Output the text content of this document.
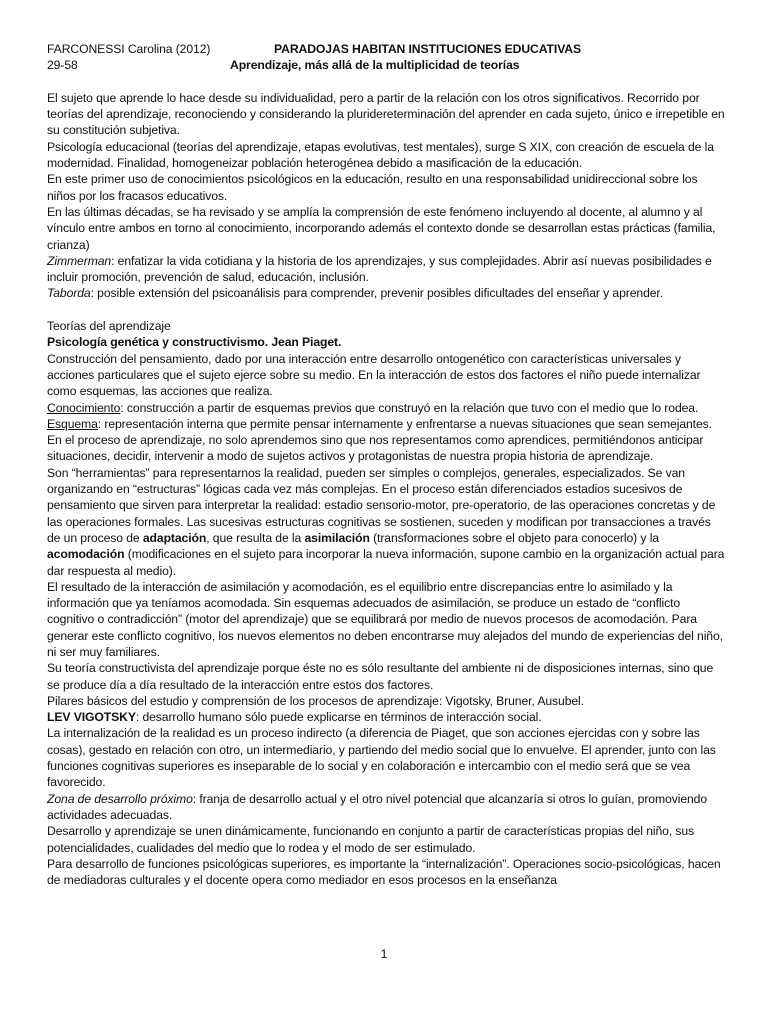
FARCONESSI Carolina (2012)	PARADOJAS HABITAN INSTITUCIONES EDUCATIVAS
29-58	Aprendizaje, más allá de la multiplicidad de teorías

El sujeto que aprende lo hace desde su individualidad, pero a partir de la relación con los otros significativos. Recorrido por teorías del aprendizaje, reconociendo y considerando la pluridereterminación del aprender en cada sujeto, único e irrepetible en su constitución subjetiva.

Psicología educacional (teorías del aprendizaje, etapas evolutivas, test mentales), surge S XIX, con creación de escuela de la modernidad. Finalidad, homogeneizar población heterogénea debido a masificación de la educación.

En este primer uso de conocimientos psicológicos en la educación, resulto en una responsabilidad unidireccional sobre los niños por los fracasos educativos.

En las últimas décadas, se ha revisado y se amplía la comprensión de este fenómeno incluyendo al docente, al alumno y al vínculo entre ambos en torno al conocimiento, incorporando además el contexto donde se desarrollan estas prácticas (familia, crianza)

Zimmerman: enfatizar la vida cotidiana y la historia de los aprendizajes, y sus complejidades. Abrir así nuevas posibilidades e incluir promoción, prevención de salud, educación, inclusión.

Taborda: posible extensión del psicoanálisis para comprender, prevenir posibles dificultades del enseñar y aprender.

Teorías del aprendizaje

Psicología genética y constructivismo. Jean Piaget.

Construcción del pensamiento, dado por una interacción entre desarrollo ontogenético con características universales y acciones particulares que el sujeto ejerce sobre su medio. En la interacción de estos dos factores el niño puede internalizar como esquemas, las acciones que realiza.

Conocimiento: construcción a partir de esquemas previos que construyó en la relación que tuvo con el medio que lo rodea.

Esquema: representación interna que permite pensar internamente y enfrentarse a nuevas situaciones que sean semejantes. En el proceso de aprendizaje, no solo aprendemos sino que nos representamos como aprendices, permitiéndonos anticipar situaciones, decidir, intervenir a modo de sujetos activos y protagonistas de nuestra propia historia de aprendizaje.

Son “herramientas” para representarnos la realidad, pueden ser simples o complejos, generales, especializados. Se van organizando en “estructuras” lógicas cada vez más complejas. En el proceso están diferenciados estadios sucesivos de pensamiento que sirven para interpretar la realidad: estadio sensorio-motor, pre-operatorio, de las operaciones concretas y de las operaciones formales. Las sucesivas estructuras cognitivas se sostienen, suceden y modifican por transacciones a través de un proceso de adaptación, que resulta de la asimilación (transformaciones sobre el objeto para conocerlo) y la acomodación (modificaciones en el sujeto para incorporar la nueva información, supone cambio en la organización actual para dar respuesta al medio).

El resultado de la interacción de asimilación y acomodación, es el equilibrio entre discrepancias entre lo asimilado y la información que ya teníamos acomodada. Sin esquemas adecuados de asimilación, se produce un estado de “conflicto cognitivo o contradicción” (motor del aprendizaje) que se equilibrará por medio de nuevos procesos de acomodación. Para generar este conflicto cognitivo, los nuevos elementos no deben encontrarse muy alejados del mundo de experiencias del niño, ni ser muy familiares.

Su teoría constructivista del aprendizaje porque éste no es sólo resultante del ambiente ni de disposiciones internas, sino que se produce día a día resultado de la interacción entre estos dos factores.

Pilares básicos del estudio y comprensión de los procesos de aprendizaje: Vigotsky, Bruner, Ausubel.

LEV VIGOTSKY: desarrollo humano sólo puede explicarse en términos de interacción social.

La internalización de la realidad es un proceso indirecto (a diferencia de Piaget, que son acciones ejercidas con y sobre las cosas), gestado en relación con otro, un intermediario, y partiendo del medio social que lo envuelve. El aprender, junto con las funciones cognitivas superiores es inseparable de lo social y en colaboración e intercambio con el medio será que se vea favorecido.

Zona de desarrollo próximo: franja de desarrollo actual y el otro nivel potencial que alcanzaría si otros lo guían, promoviendo actividades adecuadas.

Desarrollo y aprendizaje se unen dinámicamente, funcionando en conjunto a partir de características propias del niño, sus potencialidades, cualidades del medio que lo rodea y el modo de ser estimulado.

Para desarrollo de funciones psicológicas superiores, es importante la “internalización”. Operaciones socio-psicológicas, hacen de mediadoras culturales y el docente opera como mediador en esos procesos en la enseñanza

1
